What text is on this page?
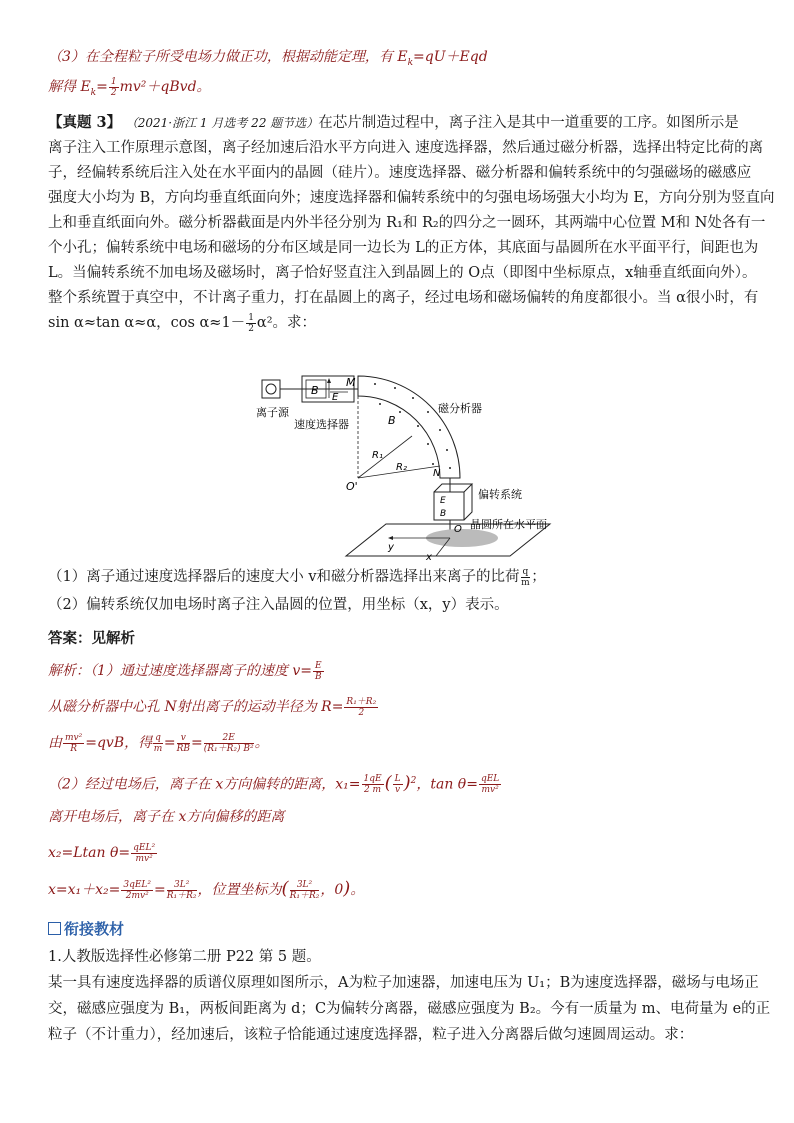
（3）在全程粒子所受电场力做正功，根据动能定理，有 $E_k=qU+Eqd$
解得 $E_k= \frac{1}{2}$ mv²＋qBvd。
【真题 3】 （2021·浙江 1 月选考 22 题节选）在芯片制造过程中，离子注入是其中一道重要的工序。如图所示是
离子注入工作原理示意图，离子经加速后沿水平方向进入 速度选择器，然后通过磁分析器，选择出特定比荷的离
子，经偏转系统后注入处在水平面内的晶圆（硅片）。速度选择器、磁分析器和偏转系统中的匀强磁场的磁感应
强度大小均为 B，方向均垂直纸面向外；速度选择器和偏转系统中的匀强电场场强大小均为 E，方向分别为竖直向
上和垂直纸面向外。磁分析器截面是内外半径分别为 R₁和 R₂的四分之一圆环，其两端中心位置 M和 N处各有一
个小孔；偏转系统中电场和磁场的分布区域是同一边长为 L的正方体，其底面与晶圆所在水平面平行，间距也为
L。当偏转系统不加电场及磁场时，离子恰好竖直注入到晶圆上的 O点（即图中坐标原点，x轴垂直纸面向外）。
整个系统置于真空中，不计离子重力，打在晶圆上的离子，经过电场和磁场偏转的角度都很小。当 α很小时，有
sin α≈tan α≈α，$\cos \alpha\approx 1- \frac{1}{2} \alpha^2$。求：
离子源
B
E
速度选择器
M
B
磁分析器
R₁
R₂
O'
N
E
B
偏转系统
O 晶圆所在水平面
y
x
（1）离子通过速度选择器后的速度大小 v和磁分析器选择出来离子的比荷 $\frac{q}{m}$ ；
（2）偏转系统仅加电场时离子注入晶圆的位置，用坐标（x，y）表示。
答案：见解析
解析：（1）通过速度选择器离子的速度 $v= \frac{E}{B}$
从磁分析器中心孔 N射出离子的运动半径为 $R= \frac{\text{R₁＋R₂}}{2}$
由 $\frac{\text{mv²}}{R} =qvB$，得 $\frac{q}{m} = \frac{v}{RB} = \frac{2E}{\text{(R₁＋R₂) B²}}$ 。
（2）经过电场后，离子在 x方向偏转的距离，$x_1= \frac{1qE}{2 m}$ ( $\frac{L}{v} )^2$，$\tan \theta= \frac{\text{qEL}}{\text{mv²}}$
离开电场后，离子在 x方向偏移的距离
x₂=Ltan $\theta= \frac{\text{qEL²}}{\text{mv²}}$
$x=x_1+x_2= \frac{\text{3qEL²}}{\text{2mv²}} = \frac{\text{3L²}}{\text{R₁＋R₂}}$ ，位置坐标为( $\frac{\text{3L²}}{\text{R₁＋R₂}}$ ，0)。
衔接教材
1.人教版选择性必修第二册 P22 第 5 题。
某一具有速度选择器的质谱仪原理如图所示，A为粒子加速器，加速电压为 U₁；B为速度选择器，磁场与电场正
交，磁感应强度为 B₁，两板间距离为 d；C为偏转分离器，磁感应强度为 B₂。今有一质量为 m、电荷量为 e的正
粒子（不计重力），经加速后，该粒子恰能通过速度选择器，粒子进入分离器后做匀速圆周运动。求：
